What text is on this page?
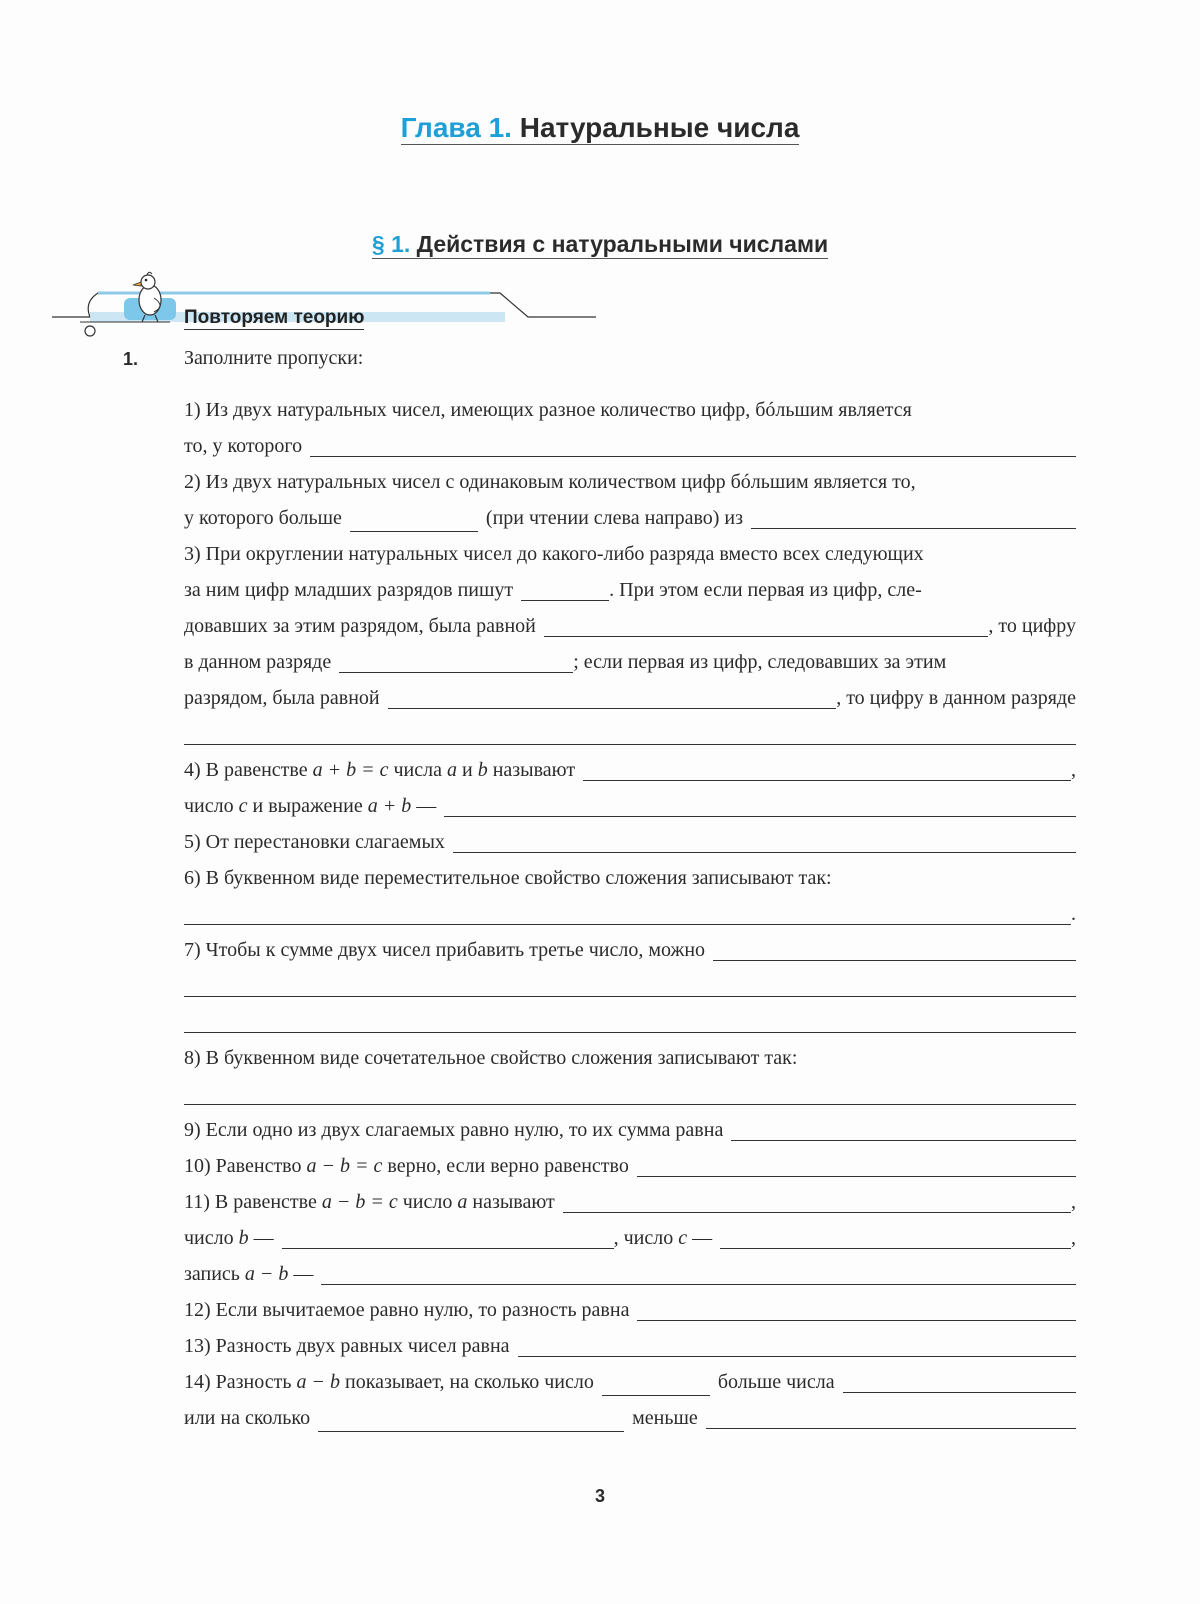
Глава 1. Натуральные числа
§ 1. Действия с натуральными числами
Повторяем теорию
1. Заполните пропуски:
1) Из двух натуральных чисел, имеющих разное количество цифр, бóльшим является
то, у которого
2) Из двух натуральных чисел с одинаковым количеством цифр бóльшим является то,
у которого больше	(при чтении слева направо) из
3) При округлении натуральных чисел до какого-либо разряда вместо всех следующих
за ним цифр младших разрядов пишут	. При этом если первая из цифр, сле-
довавших за этим разрядом, была равной	, то цифру
в данном разряде	; если первая из цифр, следовавших за этим
разрядом, была равной	, то цифру в данном разряде
4) В равенстве
a + b = c
числа
a
и
b
называют	,
число
c
и выражение
a + b
—
5) От перестановки слагаемых
6) В буквенном виде переместительное свойство сложения записывают так:
.
7) Чтобы к сумме двух чисел прибавить третье число, можно
8) В буквенном виде сочетательное свойство сложения записывают так:
9) Если одно из двух слагаемых равно нулю, то их сумма равна
10) Равенство
a − b = c
верно, если верно равенство
11) В равенстве
a − b = c
число
a
называют	,
число
b
—	,
число
c
—	,
запись
a − b
—
12) Если вычитаемое равно нулю, то разность равна
13) Разность двух равных чисел равна
14) Разность
a − b
показывает, на сколько число	больше числа
или на сколько	меньше
3
